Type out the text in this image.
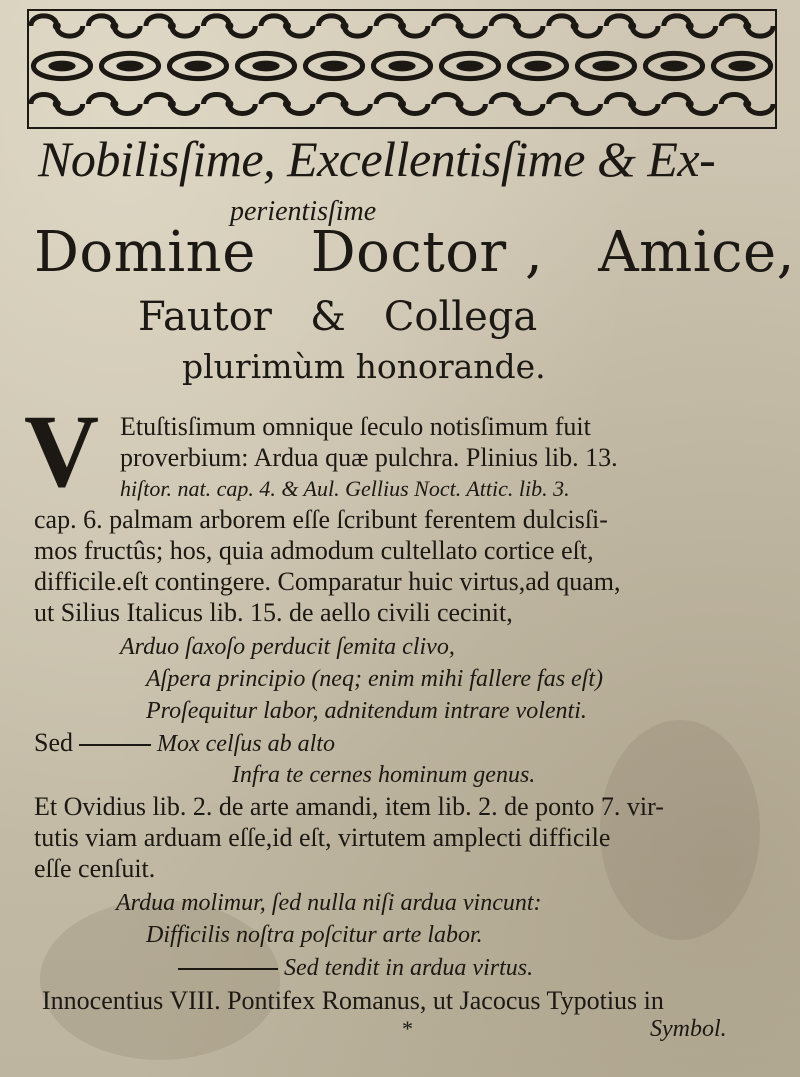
Nobilisſime, Excellentisſime & Ex-
perientisſime
Domine   Doctor ,   Amice,
Fautor   &   Collega
plurimùm honorande.
V Etuſtisſimum omnique ſeculo notisſimum fuit
proverbium: Ardua quæ pulchra. Plinius lib. 13.
hiſtor. nat. cap. 4. & Aul. Gellius Noct. Attic. lib. 3.
cap. 6. palmam arborem eſſe ſcribunt ferentem dulcisſi-
mos fructûs; hos, quia admodum cultellato cortice eſt,
difficile.eſt contingere. Comparatur huic virtus,ad quam,
ut Silius Italicus lib. 15. de aello civili cecinit,
Arduo ſaxoſo perducit ſemita clivo,
Aſpera principio (neq; enim mihi fallere fas eſt)
Proſequitur labor, adnitendum intrare volenti.
Sed	Mox celſus ab alto
Infra te cernes hominum genus.
Et Ovidius lib. 2. de arte amandi, item lib. 2. de ponto 7. vir-
tutis viam arduam eſſe,id eſt, virtutem amplecti difficile
eſſe cenſuit.
Ardua molimur, ſed nulla niſi ardua vincunt:
Difficilis noſtra poſcitur arte labor.
Sed tendit in ardua virtus.
Innocentius VIII. Pontifex Romanus, ut Jacocus Typotius in
*	Symbol.
